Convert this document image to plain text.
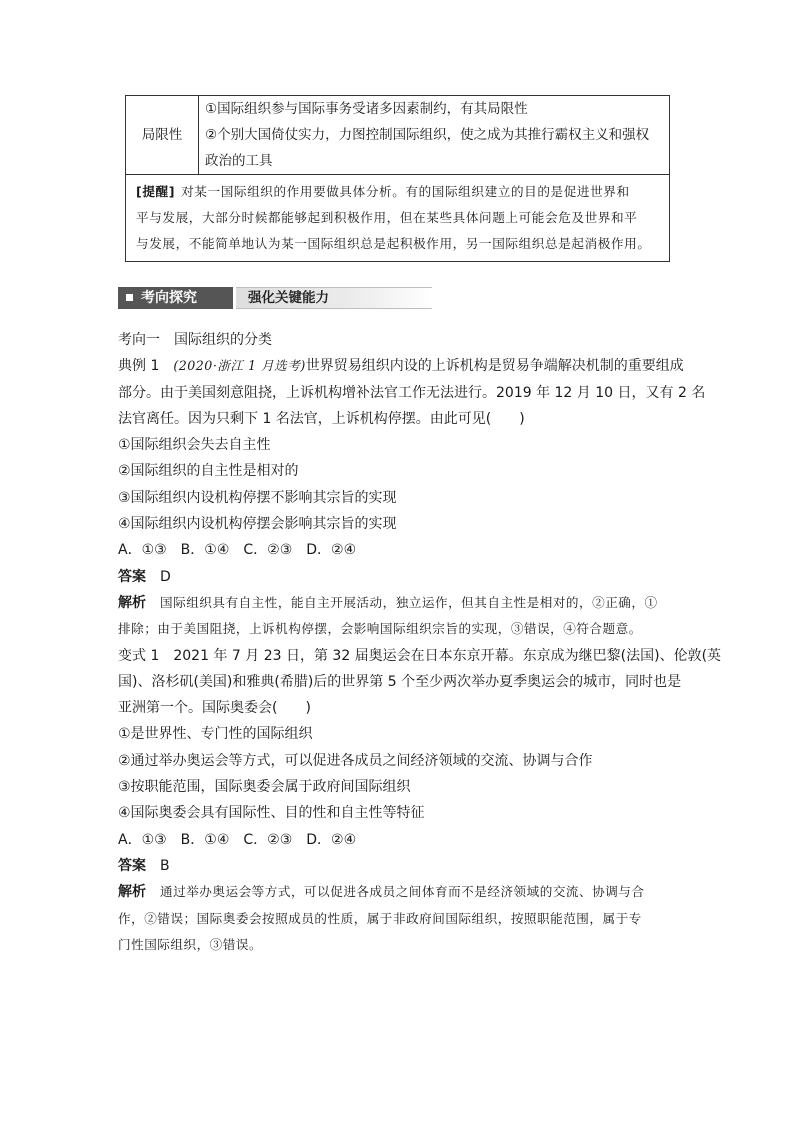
局限性	
①国际组织参与国际事务受诸多因素制约，有其局限性
②个别大国倚仗实力，力图控制国际组织，使之成为其推行霸权主义和强权
政治的工具

[提醒] 对某一国际组织的作用要做具体分析。有的国际组织建立的目的是促进世界和
平与发展，大部分时候都能够起到积极作用，但在某些具体问题上可能会危及世界和平
与发展，不能简单地认为某一国际组织总是起积极作用，另一国际组织总是起消极作用。
考向探究	强化关键能力
考向一　国际组织的分类
典例 1　 (2020·浙江 1 月选考)世界贸易组织内设的上诉机构是贸易争端解决机制的重要组成
部分。由于美国刻意阻挠，上诉机构增补法官工作无法进行。2019 年 12 月 10 日，又有 2 名
法官离任。因为只剩下 1 名法官，上诉机构停摆。由此可见(　　)
①国际组织会失去自主性
②国际组织的自主性是相对的
③国际组织内设机构停摆不影响其宗旨的实现
④国际组织内设机构停摆会影响其宗旨的实现
A．①③　B．①④　C．②③　D．②④
答案　 D
解析　 国际组织具有自主性，能自主开展活动，独立运作，但其自主性是相对的，②正确，①
排除；由于美国阻挠，上诉机构停摆，会影响国际组织宗旨的实现，③错误，④符合题意。
变式 1　 2021 年 7 月 23 日，第 32 届奥运会在日本东京开幕。东京成为继巴黎(法国)、伦敦(英
国)、洛杉矶(美国)和雅典(希腊)后的世界第 5 个至少两次举办夏季奥运会的城市，同时也是
亚洲第一个。国际奥委会(　　)
①是世界性、专门性的国际组织
②通过举办奥运会等方式，可以促进各成员之间经济领域的交流、协调与合作
③按职能范围，国际奥委会属于政府间国际组织
④国际奥委会具有国际性、目的性和自主性等特征
A．①③　B．①④　C．②③　D．②④
答案　 B
解析　 通过举办奥运会等方式，可以促进各成员之间体育而不是经济领域的交流、协调与合
作，②错误；国际奥委会按照成员的性质，属于非政府间国际组织，按照职能范围，属于专
门性国际组织，③错误。
